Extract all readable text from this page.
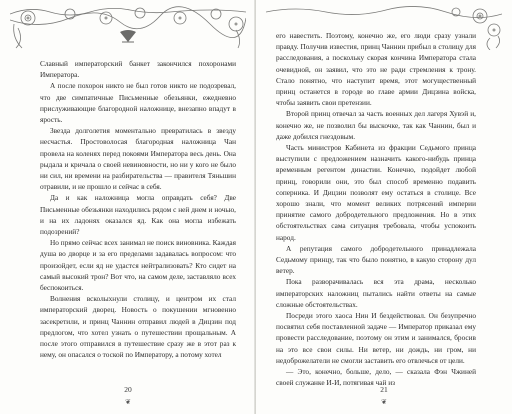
Славный императорский банкет закончился похоронами Императора.

А после похорон никто не был готов никто не подозревал, что две симпатичные Письменные обезьянки, ежедневно прислуживающие благородной наложнице, внезапно впадут в ярость.

Звезда долголетия моментально превратилась в звезду несчастья. Простоволосая благородная наложница Чан провела на коленях перед покоями Императора весь день. Она рыдала и кричала о своей невиновности, но ни у кого не было ни сил, ни времени на разбирательства — правителя Тяньшин отравили, и не прошло и сейчас в себя.

Да и как наложница могла оправдать себя? Две Письменные обезьянки находились рядом с ней днем и ночью, и на их ладонях оказался яд. Как она могла избежать подозрений?

Но прямо сейчас всех занимал не поиск виновника. Каждая душа во дворце и за его пределами задавалась вопросом: что произойдет, если яд не удастся нейтрализовать? Кто сидет на самый высокий трон? Вот что, на самом деле, заставляло всех беспокоиться.

Волнения всколыхнули столицу, и центром их стал императорский дворец. Новость о покушении мгновенно засекретили, и принц Чаннин отправил людей в Дицзин под предлогом, что хотел узнать о путешествии прощальным. А после этого отправился в путешествие сразу же в этот раз к нему, он опасался о тоской по Императору, а потому хотел

20
❦

его навестить. Поэтому, конечно же, его люди сразу узнали правду. Получив известия, принц Чаннин прибыл в столицу для расследования, а поскольку скорая кончина Императора стала очевидной, он заявил, что это не ради стремления к трону. Стало понятно, что наступит время, этот могущественный принц останется в городе во главе армии Дицзина войска, чтобы заявить свои претензии.

Второй принц отвечал за часть военных дел лагеря Хувэй и, конечно же, не позволил бы выскочке, так как Чаннин, был и даже добился гнездовым.

Часть министров Кабинета из фракции Седьмого принца выступили с предложением назначить какого-нибудь принца временным регентом династии. Конечно, подойдет любой принц, говорили они, это был способ временно подавить соперника. И Дицзин позволят ему остаться в столице. Все хорошо знали, что момент великих потрясений империи принятие самого добродетельного предложения. Но в этих обстоятельствах сама ситуация требовала, чтобы успокоить народ.

А репутация самого добродетельного принадлежала Седьмому принцу, так что было понятно, в какую сторону дул ветер.

Пока разворачивалась вся эта драма, несколько императорских наложниц пытались найти ответы на самые сложные обстоятельствах.

Посреди этого хаоса Нин И бездействовал. Он безупречно посвятил себя поставленной задаче — Император приказал ему провести расследование, поэтому он этим и занимался, бросив на это все свои силы. Ни ветер, ни дождь, ни гром, ни недоброжелатели не смогли заставить его отвлечься от цели.

— Это, конечно, больше, дело, — сказала Фэн Чжиней своей служанке И-И, потягивая чай из

21
❦
